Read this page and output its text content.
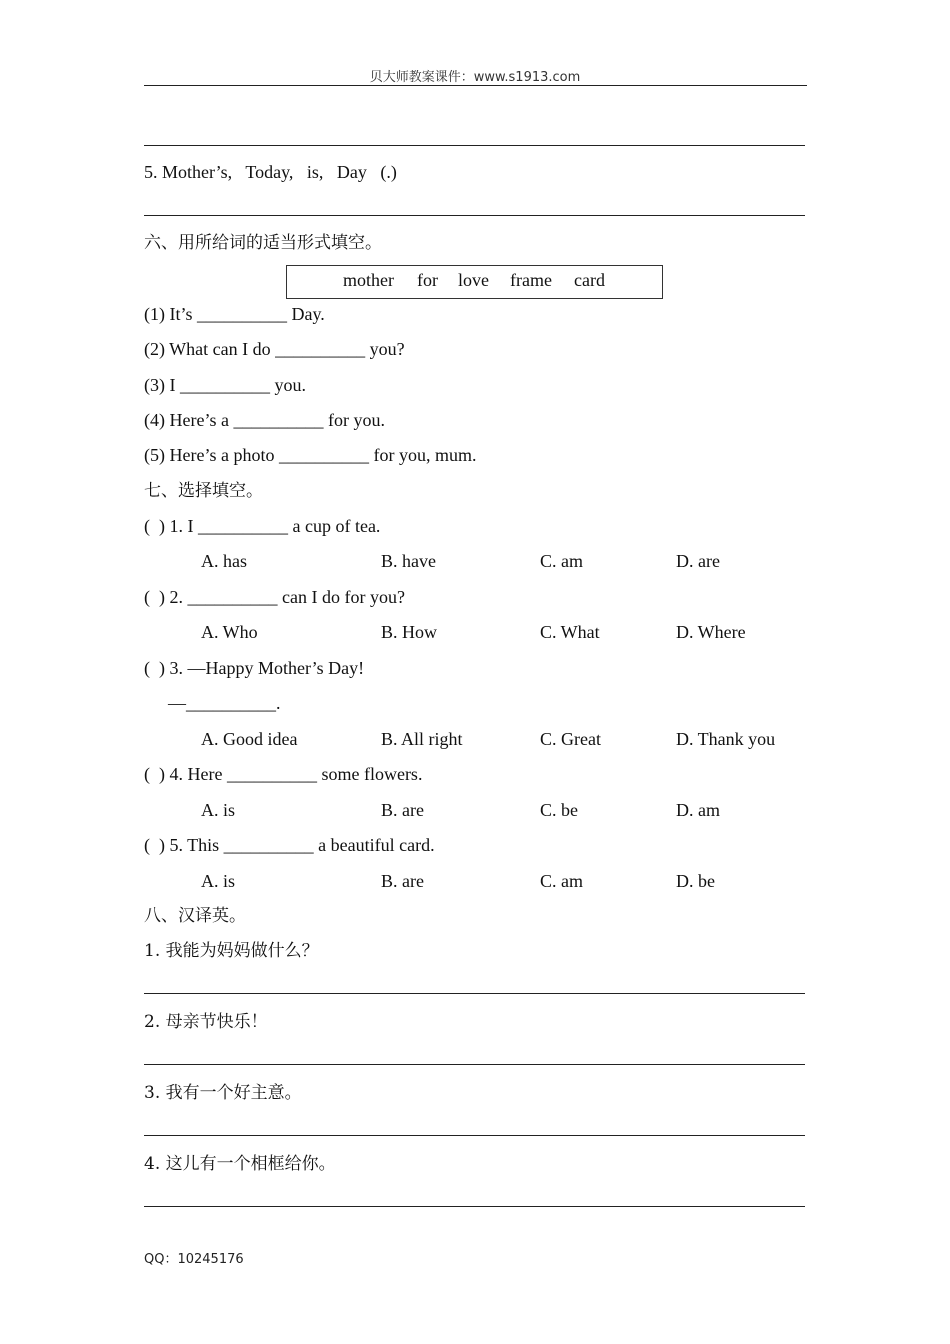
贝大师教案课件：www.s1913.com
5. Mother’s,   Today,   is,   Day   (.)
六、用所给词的适当形式填空。
mother for love frame card
(1) It’s __________ Day.
(2) What can I do __________ you?
(3) I __________ you.
(4) Here’s a __________ for you.
(5) Here’s a photo __________ for you, mum.
七、选择填空。
(  ) 1. I __________ a cup of tea.
A. has	B. have	C. am	D. are
(  ) 2. __________ can I do for you?
A. Who	B. How	C. What	D. Where
(  ) 3. —Happy Mother’s Day!
—__________.
A. Good idea	B. All right	C. Great	D. Thank you
(  ) 4. Here __________ some flowers.
A. is	B. are	C. be	D. am
(  ) 5. This __________ a beautiful card.
A. is	B. are	C. am	D. be
八、汉译英。
1. 我能为妈妈做什么？
2. 母亲节快乐！
3. 我有一个好主意。
4. 这儿有一个相框给你。
QQ：10245176
